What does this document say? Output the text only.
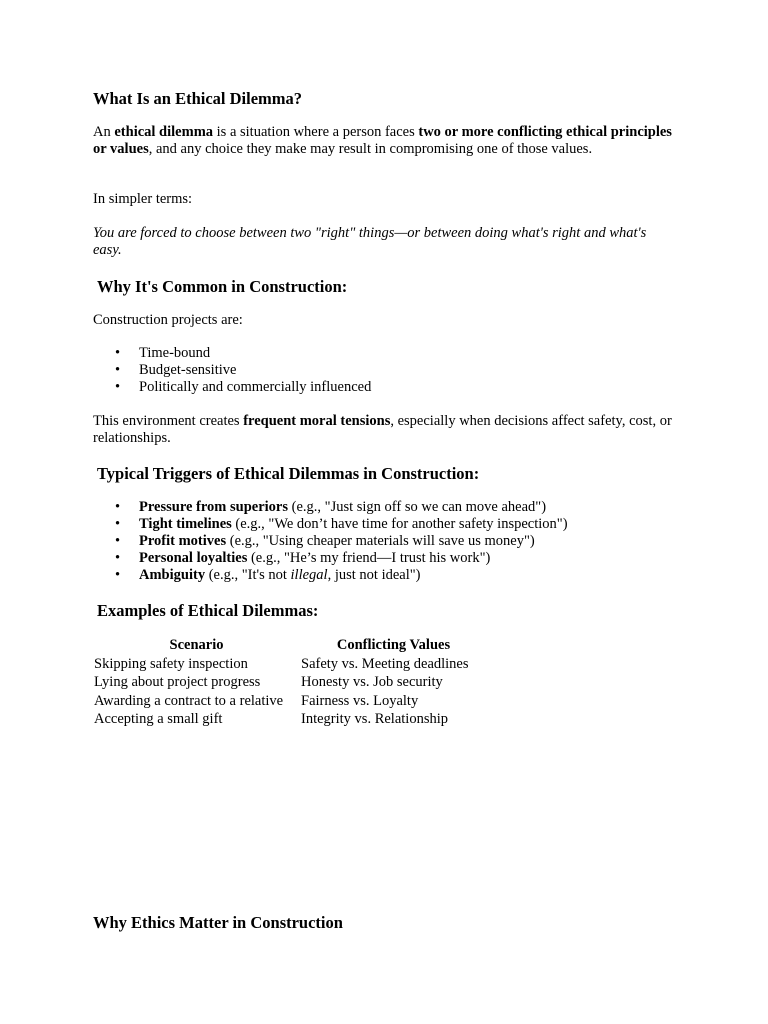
What Is an Ethical Dilemma?

An ethical dilemma is a situation where a person faces two or more conflicting ethical principles or values, and any choice they make may result in compromising one of those values.

In simpler terms:

You are forced to choose between two "right" things—or between doing what's right and what's easy.

Why It's Common in Construction:

Construction projects are:

• Time-bound
• Budget-sensitive
• Politically and commercially influenced

This environment creates frequent moral tensions, especially when decisions affect safety, cost, or relationships.

Typical Triggers of Ethical Dilemmas in Construction:
• Pressure from superiors (e.g., "Just sign off so we can move ahead")
• Tight timelines (e.g., "We don’t have time for another safety inspection")
• Profit motives (e.g., "Using cheaper materials will save us money")
• Personal loyalties (e.g., "He’s my friend—I trust his work")
• Ambiguity (e.g., "It's not illegal, just not ideal")
Examples of Ethical Dilemmas:
Scenario	Conflicting Values
Skipping safety inspection	Safety vs. Meeting deadlines
Lying about project progress	Honesty vs. Job security
Awarding a contract to a relative	Fairness vs. Loyalty
Accepting a small gift	Integrity vs. Relationship
Why Ethics Matter in Construction
